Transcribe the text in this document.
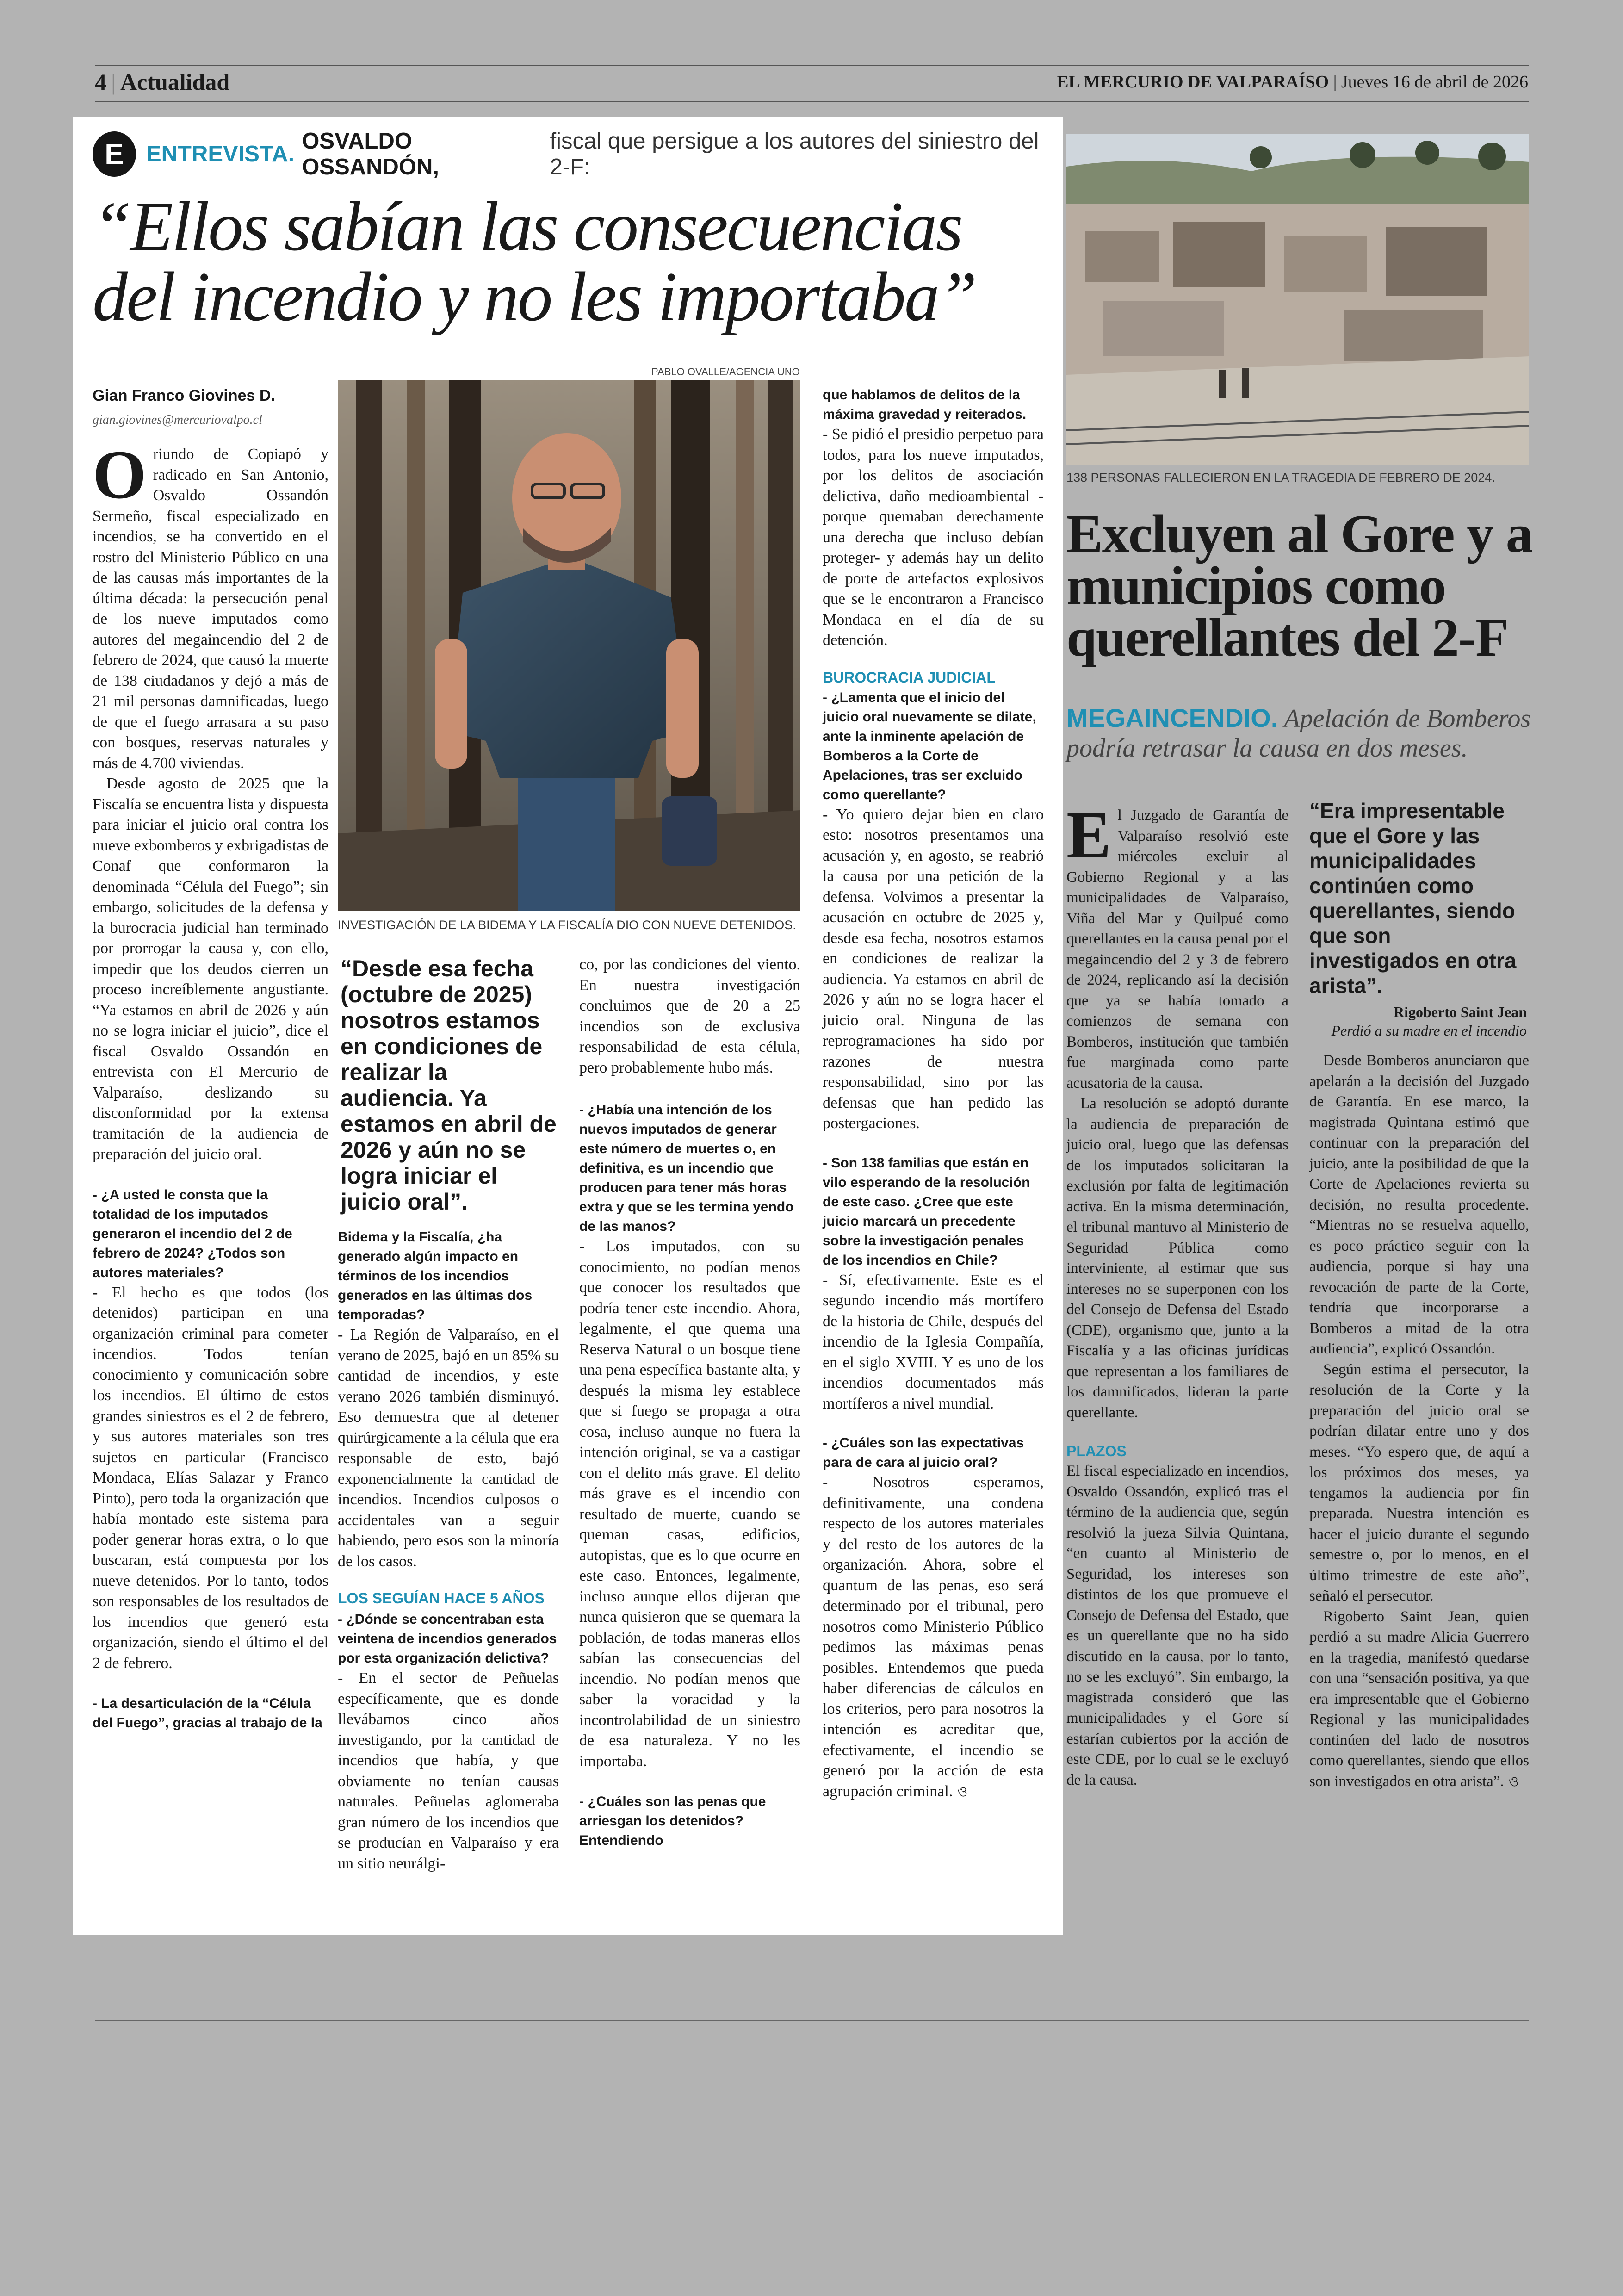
4 | Actualidad	EL MERCURIO DE VALPARAÍSO | Jueves 16 de abril de 2026
E ENTREVISTA.
OSVALDO OSSANDÓN,
fiscal que persigue a los autores del siniestro del 2-F:
“Ellos sabían las consecuencias del incendio y no les importaba”
PABLO OVALLE/AGENCIA UNO
INVESTIGACIÓN DE LA BIDEMA Y LA FISCALÍA DIO CON NUEVE DETENIDOS.
Gian Franco Giovines D.
gian.giovines@mercuriovalpo.cl

Oriundo de Copiapó y radicado en San Antonio, Osvaldo Ossandón Sermeño, fiscal especializado en incendios, se ha convertido en el rostro del Ministerio Público en una de las causas más importantes de la última década: la persecución penal de los nueve imputados como autores del megaincendio del 2 de febrero de 2024, que causó la muerte de 138 ciudadanos y dejó a más de 21 mil personas damnificadas, luego de que el fuego arrasara a su paso con bosques, reservas naturales y más de 4.700 viviendas.

Desde agosto de 2025 que la Fiscalía se encuentra lista y dispuesta para iniciar el juicio oral contra los nueve exbomberos y exbrigadistas de Conaf que conformaron la denominada “Célula del Fuego”; sin embargo, solicitudes de la defensa y la burocracia judicial han terminado por prorrogar la causa y, con ello, impedir que los deudos cierren un proceso increíblemente angustiante. “Ya estamos en abril de 2026 y aún no se logra iniciar el juicio”, dice el fiscal Osvaldo Ossandón en entrevista con El Mercurio de Valparaíso, deslizando su disconformidad por la extensa tramitación de la audiencia de preparación del juicio oral.

- ¿A usted le consta que la totalidad de los imputados generaron el incendio del 2 de febrero de 2024? ¿Todos son autores materiales?

- El hecho es que todos (los detenidos) participan en una organización criminal para cometer incendios. Todos tenían conocimiento y comunicación sobre los incendios. El último de estos grandes siniestros es el 2 de febrero, y sus autores materiales son tres sujetos en particular (Francisco Mondaca, Elías Salazar y Franco Pinto), pero toda la organización que había montado este sistema para poder generar horas extra, o lo que buscaran, está compuesta por los nueve detenidos. Por lo tanto, todos son responsables de los resultados de los incendios que generó esta organización, siendo el último el del 2 de febrero.

- La desarticulación de la “Célula del Fuego”, gracias al trabajo de la
“Desde esa fecha (octubre de 2025) nosotros estamos en condiciones de realizar la audiencia. Ya estamos en abril de 2026 y aún no se logra iniciar el juicio oral”.
Bidema y la Fiscalía, ¿ha generado algún impacto en términos de los incendios generados en las últimas dos temporadas?

- La Región de Valparaíso, en el verano de 2025, bajó en un 85% su cantidad de incendios, y este verano 2026 también disminuyó. Eso demuestra que al detener quirúrgicamente a la célula que era responsable de esto, bajó exponencialmente la cantidad de incendios. Incendios culposos o accidentales van a seguir habiendo, pero esos son la minoría de los casos.

LOS SEGUÍAN HACE 5 AÑOS
- ¿Dónde se concentraban esta veintena de incendios generados por esta organización delictiva?

- En el sector de Peñuelas específicamente, que es donde llevábamos cinco años investigando, por la cantidad de incendios que había, y que obviamente no tenían causas naturales. Peñuelas aglomeraba gran número de los incendios que se producían en Valparaíso y era un sitio neurálgi-

co, por las condiciones del viento. En nuestra investigación concluimos que de 20 a 25 incendios son de exclusiva responsabilidad de esta célula, pero probablemente hubo más.

- ¿Había una intención de los nuevos imputados de generar este número de muertes o, en definitiva, es un incendio que producen para tener más horas extra y que se les termina yendo de las manos?

- Los imputados, con su conocimiento, no podían menos que conocer los resultados que podría tener este incendio. Ahora, legalmente, el que quema una Reserva Natural o un bosque tiene una pena específica bastante alta, y después la misma ley establece que si fuego se propaga a otra cosa, incluso aunque no fuera la intención original, se va a castigar con el delito más grave. El delito más grave es el incendio con resultado de muerte, cuando se queman casas, edificios, autopistas, que es lo que ocurre en este caso. Entonces, legalmente, incluso aunque ellos dijeran que nunca quisieron que se quemara la población, de todas maneras ellos sabían las consecuencias del incendio. No podían menos que saber la voracidad y la incontrolabilidad de un siniestro de esa naturaleza. Y no les importaba.

- ¿Cuáles son las penas que arriesgan los detenidos? Entendiendo
que hablamos de delitos de la máxima gravedad y reiterados.

- Se pidió el presidio perpetuo para todos, para los nueve imputados, por los delitos de asociación delictiva, daño medioambiental -porque quemaban derechamente una derecha que incluso debían proteger- y además hay un delito de porte de artefactos explosivos que se le encontraron a Francisco Mondaca en el día de su detención.

BUROCRACIA JUDICIAL
- ¿Lamenta que el inicio del juicio oral nuevamente se dilate, ante la inminente apelación de Bomberos a la Corte de Apelaciones, tras ser excluido como querellante?

- Yo quiero dejar bien en claro esto: nosotros presentamos una acusación y, en agosto, se reabrió la causa por una petición de la defensa. Volvimos a presentar la acusación en octubre de 2025 y, desde esa fecha, nosotros estamos en condiciones de realizar la audiencia. Ya estamos en abril de 2026 y aún no se logra hacer el juicio oral. Ninguna de las reprogramaciones ha sido por razones de nuestra responsabilidad, sino por las defensas que han pedido las postergaciones.

- Son 138 familias que están en vilo esperando de la resolución de este caso. ¿Cree que este juicio marcará un precedente sobre la investigación penales de los incendios en Chile?

- Sí, efectivamente. Este es el segundo incendio más mortífero de la historia de Chile, después del incendio de la Iglesia Compañía, en el siglo XVIII. Y es uno de los incendios documentados más mortíferos a nivel mundial.

- ¿Cuáles son las expectativas para de cara al juicio oral?

- Nosotros esperamos, definitivamente, una condena respecto de los autores materiales y del resto de los autores de la organización. Ahora, sobre el quantum de las penas, eso será determinado por el tribunal, pero nosotros como Ministerio Público pedimos las máximas penas posibles. Entendemos que pueda haber diferencias de cálculos en los criterios, pero para nosotros la intención es acreditar que, efectivamente, el incendio se generó por la acción de esta agrupación criminal. ও

138 PERSONAS FALLECIERON EN LA TRAGEDIA DE FEBRERO DE 2024.
Excluyen al Gore y a municipios como querellantes del 2-F
MEGAINCENDIO. Apelación de Bomberos podría retrasar la causa en dos meses.

El Juzgado de Garantía de Valparaíso resolvió este miércoles excluir al Gobierno Regional y a las municipalidades de Valparaíso, Viña del Mar y Quilpué como querellantes en la causa penal por el megaincendio del 2 y 3 de febrero de 2024, replicando así la decisión que ya se había tomado a comienzos de semana con Bomberos, institución que también fue marginada como parte acusatoria de la causa.

La resolución se adoptó durante la audiencia de preparación de juicio oral, luego que las defensas de los imputados solicitaran la exclusión por falta de legitimación activa. En la misma determinación, el tribunal mantuvo al Ministerio de Seguridad Pública como interviniente, al estimar que sus intereses no se superponen con los del Consejo de Defensa del Estado (CDE), organismo que, junto a la Fiscalía y a las oficinas jurídicas que representan a los familiares de los damnificados, lideran la parte querellante.

PLAZOS

El fiscal especializado en incendios, Osvaldo Ossandón, explicó tras el término de la audiencia que, según resolvió la jueza Silvia Quintana, “en cuanto al Ministerio de Seguridad, los intereses son distintos de los que promueve el Consejo de Defensa del Estado, que es un querellante que no ha sido discutido en la causa, por lo tanto, no se les excluyó”. Sin embargo, la magistrada consideró que las municipalidades y el Gore sí estarían cubiertos por la acción de este CDE, por lo cual se le excluyó de la causa.

“Era impresentable que el Gore y las municipalidades continúen como querellantes, siendo que son investigados en otra arista”.
Rigoberto Saint Jean
Perdió a su madre en el incendio

Desde Bomberos anunciaron que apelarán a la decisión del Juzgado de Garantía. En ese marco, la magistrada Quintana estimó que continuar con la preparación del juicio, ante la posibilidad de que la Corte de Apelaciones revierta su decisión, no resulta procedente. “Mientras no se resuelva aquello, es poco práctico seguir con la audiencia, porque si hay una revocación de parte de la Corte, tendría que incorporarse a Bomberos a mitad de la otra audiencia”, explicó Ossandón.

Según estima el persecutor, la resolución de la Corte y la preparación del juicio oral se podrían dilatar entre uno y dos meses. “Yo espero que, de aquí a los próximos dos meses, ya tengamos la audiencia por fin preparada. Nuestra intención es hacer el juicio durante el segundo semestre o, por lo menos, en el último trimestre de este año”, señaló el persecutor.

Rigoberto Saint Jean, quien perdió a su madre Alicia Guerrero en la tragedia, manifestó quedarse con una “sensación positiva, ya que era impresentable que el Gobierno Regional y las municipalidades continúen del lado de nosotros como querellantes, siendo que ellos son investigados en otra arista”. ও
